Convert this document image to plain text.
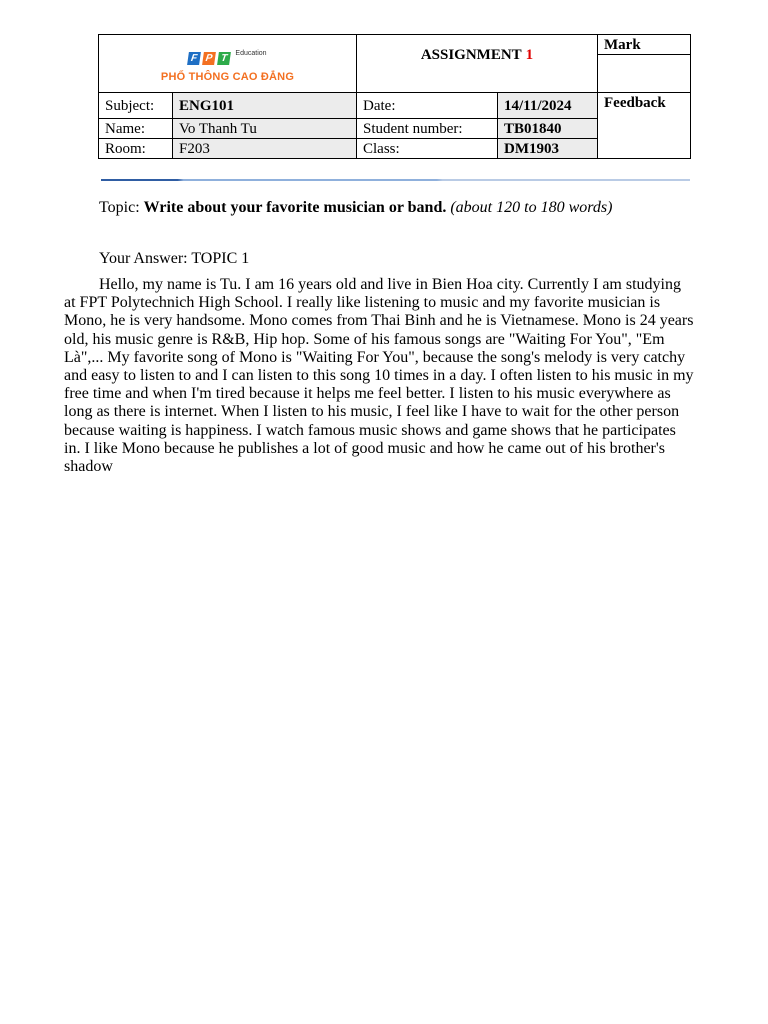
F P T	Education
PHỔ THÔNG CAO ĐẲNG
ASSIGNMENT 1
Mark
Feedback
Subject:	ENG101	Date:	14/11/2024
Name:	Vo Thanh Tu	Student number:	TB01840
Room:	F203	Class:	DM1903
Topic: Write about your favorite musician or band. (about 120 to 180 words)
Your Answer: TOPIC 1

Hello, my name is Tu. I am 16 years old and live in Bien Hoa city. Currently I am studying at FPT Polytechnich High School. I really like listening to music and my favorite musician is Mono, he is very handsome. Mono comes from Thai Binh and he is Vietnamese. Mono is 24 years old, his music genre is R&B, Hip hop. Some of his famous songs are "Waiting For You", "Em Là",... My favorite song of Mono is "Waiting For You", because the song's melody is very catchy and easy to listen to and I can listen to this song 10 times in a day. I often listen to his music in my free time and when I'm tired because it helps me feel better. I listen to his music everywhere as long as there is internet. When I listen to his music, I feel like I have to wait for the other person because waiting is happiness. I watch famous music shows and game shows that he participates in. I like Mono because he publishes a lot of good music and how he came out of his brother's shadow
